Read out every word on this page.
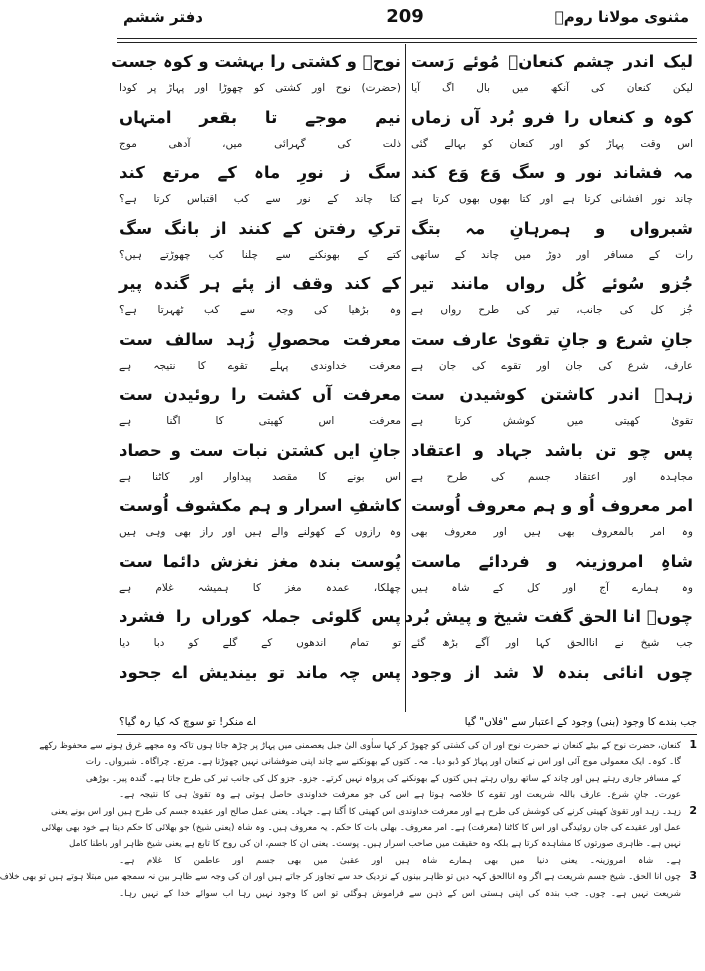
مثنوی مولانا رومؒ
209
دفتر ششم
لیک اندر چشم کنعانؔ مُوئے رَست
لیکن کنعان کی آنکھ میں بال اگ آیا
کوہ و کنعاں را فرو بُرد آں زماں
اس وقت پہاڑ کو اور کنعان کو بہالے گئی
مہ فشاند نور و سگ وَع وَع کند
چاند نور افشانی کرتا ہے اور کتا بھوں بھوں کرتا ہے
شبرواں و ہمرہانِ مہ بتگ
رات کے مسافر اور دوڑ میں چاند کے ساتھی
جُزو سُوئے کُل رواں مانند تیر
جُز کل کی جانب، تیر کی طرح رواں ہے
جانِ شرع و جانِ تقویٰ عارف ست
عارف، شرع کی جان اور تقوے کی جان ہے
زہدؔ اندر کاشتن کوشیدن ست
تقویٰ کھیتی میں کوشش کرتا ہے
پس چو تن باشد جہاد و اعتقاد
مجاہدہ اور اعتقاد جسم کی طرح ہے
امر معروف اُو و ہم معروف اُوست
وہ امر بالمعروف بھی ہیں اور معروف بھی
شاہِ امروزینہ و فردائے ماست
وہ ہمارے آج اور کل کے شاہ ہیں
چوںؔ انا الحق گفت شیخ و پیش بُرد
جب شیخ نے اناالحق کہا اور آگے بڑھ گئے
چوں انائی بندہ لا شد از وجود
نوحؑ و کشتی را بہشت و کوہ جست
(حضرت) نوح اور کشتی کو چھوڑا اور پہاڑ پر کودا
نیم موجے تا بقعر امتہاں
ذلت کی گہرائی میں، آدھی موج
سگ ز نورِ ماہ کے مرتع کند
کتا چاند کے نور سے کب اقتباس کرتا ہے؟
ترکِ رفتن کے کنند از بانگ سگ
کتے کے بھونکنے سے چلنا کب چھوڑتے ہیں؟
کے کند وقف از پئے ہر گندہ پیر
وہ بڑھیا کی وجہ سے کب ٹھہرتا ہے؟
معرفت محصولِ زُہد سالف ست
معرفت خداوندی پہلے تقوے کا نتیجہ ہے
معرفت آں کشت را روئیدن ست
معرفت اس کھیتی کا اگنا ہے
جانِ ایں کشتن نبات ست و حصاد
اس بونے کا مقصد پیداوار اور کاٹنا ہے
کاشفِ اسرار و ہم مکشوف اُوست
وہ رازوں کے کھولنے والے ہیں اور راز بھی وہی ہیں
پُوست بندہ مغز نغزش دائما ست
چھلکا، عمدہ مغز کا ہمیشہ غلام ہے
پس گلوئی جملہ کوراں را فشرد
تو تمام اندھوں کے گلے کو دبا دیا
پس چہ ماند تو بیندیش اے جحود
جب بندے کا وجود (بنی) وجود کے اعتبار سے "فلاں" گیا
اے منکر! تو سوچ کہ کیا رہ گیا؟
1
کنعان، حضرت نوح کے بیٹے کنعان نے حضرت نوح اور ان کی کشتی کو چھوڑ کر کہا ساٰوی الیٰ جبل یعصمنی میں پہاڑ پر چڑھ جاتا ہوں تاکہ وہ مجھے غرق ہونے سے محفوظ رکھے
گا۔ کوہ۔ ایک معمولی موج آئی اور اس نے کنعان اور پہاڑ کو ڈبو دیا۔ مہ۔ کتوں کے بھونکنے سے چاند اپنی ضوفشانی نہیں چھوڑتا ہے۔ مرتع۔ چراگاہ۔ شبرواں۔ رات
کے مسافر جاری رہتے ہیں اور چاند کے ساتھ رواں رہتے ہیں کتوں کے بھونکنے کی پرواہ نہیں کرتے۔ جزو۔ جزو کل کی جانب تیر کی طرح جاتا ہے۔ گندہ پیر۔ بوڑھی
عورت۔ جانِ شرع۔ عارف باللہ شریعت اور تقوے کا خلاصہ ہوتا ہے اس کی جو معرفت خداوندی حاصل ہوتی ہے وہ تقویٰ ہی کا نتیجہ ہے۔
2
زہد۔ زہد اور تقویٰ کھیتی کرنے کی کوشش کی طرح ہے اور معرفت خداوندی اس کھیتی کا اُگنا ہے۔ جہاد۔ یعنی عمل صالح اور عقیدہ جسم کی طرح ہیں اور اس بونے یعنی
عمل اور عقیدے کی جان روئیدگی اور اس کا کاٹنا (معرفت) ہے۔ امر معروف۔ بھلی بات کا حکم۔ یہ معروف ہیں۔ وہ شاہ (یعنی شیخ) جو بھلائی کا حکم دیتا ہے خود بھی بھلائی
نہیں ہے۔ ظاہری صورتوں کا مشاہدہ کرتا ہے بلکہ وہ حقیقت میں صاحب اسرار ہیں۔ پوست۔ یعنی ان کا جسم، ان کی روح کا تابع ہے یعنی شیخ ظاہر اور باطنا کامل
ہے۔ شاہ امروزینہ۔ یعنی دنیا میں بھی ہمارے شاہ ہیں اور عقبیٰ میں بھی جسم اور عاطمن کا غلام ہے۔
3
چوں انا الحق۔ شیخ جسم شریعت ہے اگر وہ اناالحق کہہ دیں تو ظاہر بینوں کے نزدیک حد سے تجاوز کر جاتے ہیں اور ان کی وجہ سے ظاہر بین نہ سمجھ میں مبتلا ہوتے ہیں تو بھی خلاف
شریعت نہیں ہے۔ چوں۔ جب بندہ کی اپنی ہستی اس کے ذہن سے فراموش ہوگئی تو اس کا وجود نہیں رہا اب سوائے خدا کے نہیں رہا۔
